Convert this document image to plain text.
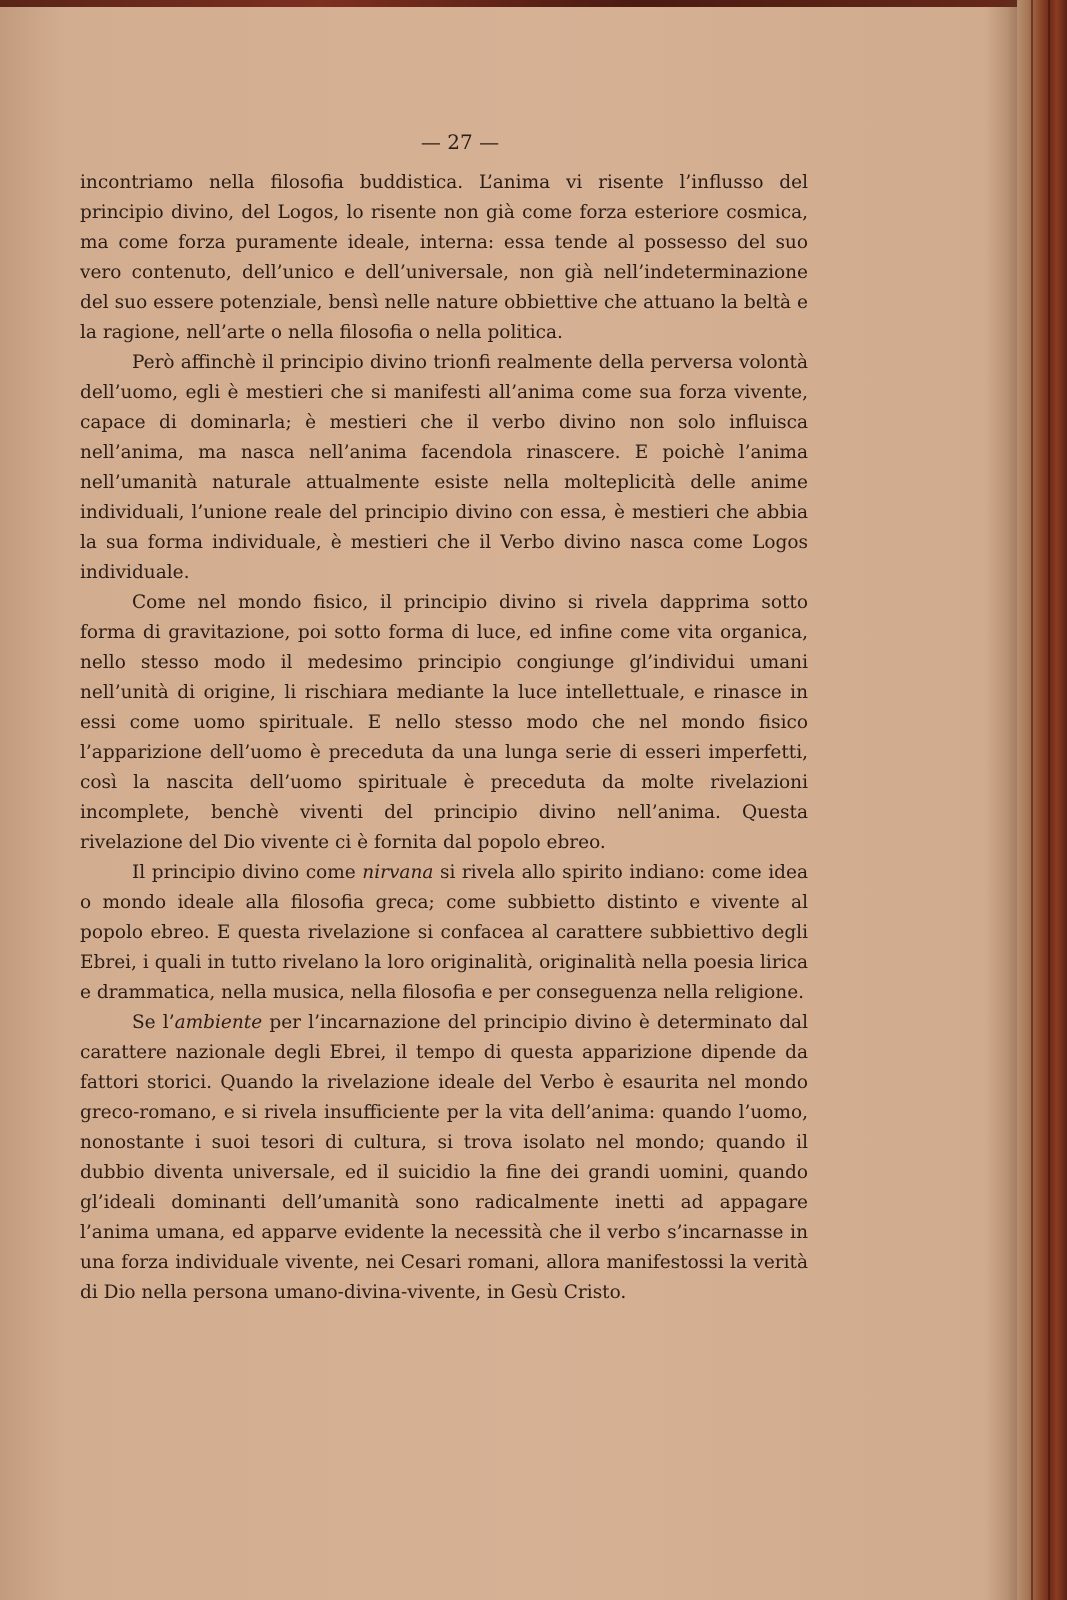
— 27 —

incontriamo nella filosofia buddistica. L’anima vi risente l’influsso del principio divino, del Logos, lo risente non già come forza esteriore cosmica, ma come forza puramente ideale, interna: essa tende al possesso del suo vero contenuto, dell’unico e dell’universale, non già nell’indeterminazione del suo essere potenziale, bensì nelle nature obbiettive che attuano la beltà e la ragione, nell’arte o nella filosofia o nella politica.

Però affinchè il principio divino trionfi realmente della perversa volontà dell’uomo, egli è mestieri che si manifesti all’anima come sua forza vivente, capace di dominarla; è mestieri che il verbo divino non solo influisca nell’anima, ma nasca nell’anima facendola rinascere. E poichè l’anima nell’umanità naturale attualmente esiste nella molteplicità delle anime individuali, l’unione reale del principio divino con essa, è mestieri che abbia la sua forma individuale, è mestieri che il Verbo divino nasca come Logos individuale.

Come nel mondo fisico, il principio divino si rivela dapprima sotto forma di gravitazione, poi sotto forma di luce, ed infine come vita organica, nello stesso modo il medesimo principio congiunge gl’individui umani nell’unità di origine, li rischiara mediante la luce intellettuale, e rinasce in essi come uomo spirituale. E nello stesso modo che nel mondo fisico l’apparizione dell’uomo è preceduta da una lunga serie di esseri imperfetti, così la nascita dell’uomo spirituale è preceduta da molte rivelazioni incomplete, benchè viventi del principio divino nell’anima. Questa rivelazione del Dio vivente ci è fornita dal popolo ebreo.

Il principio divino come nirvana si rivela allo spirito indiano: come idea o mondo ideale alla filosofia greca; come subbietto distinto e vivente al popolo ebreo. E questa rivelazione si confacea al carattere subbiettivo degli Ebrei, i quali in tutto rivelano la loro originalità, originalità nella poesia lirica e drammatica, nella musica, nella filosofia e per conseguenza nella religione.

Se l’ambiente per l’incarnazione del principio divino è determinato dal carattere nazionale degli Ebrei, il tempo di questa apparizione dipende da fattori storici. Quando la rivelazione ideale del Verbo è esaurita nel mondo greco-romano, e si rivela insufficiente per la vita dell’anima: quando l’uomo, nonostante i suoi tesori di cultura, si trova isolato nel mondo; quando il dubbio diventa universale, ed il suicidio la fine dei grandi uomini, quando gl’ideali dominanti dell’umanità sono radicalmente inetti ad appagare l’anima umana, ed apparve evidente la necessità che il verbo s’incarnasse in una forza individuale vivente, nei Cesari romani, allora manifestossi la verità di Dio nella persona umano-divina-vivente, in Gesù Cristo.
